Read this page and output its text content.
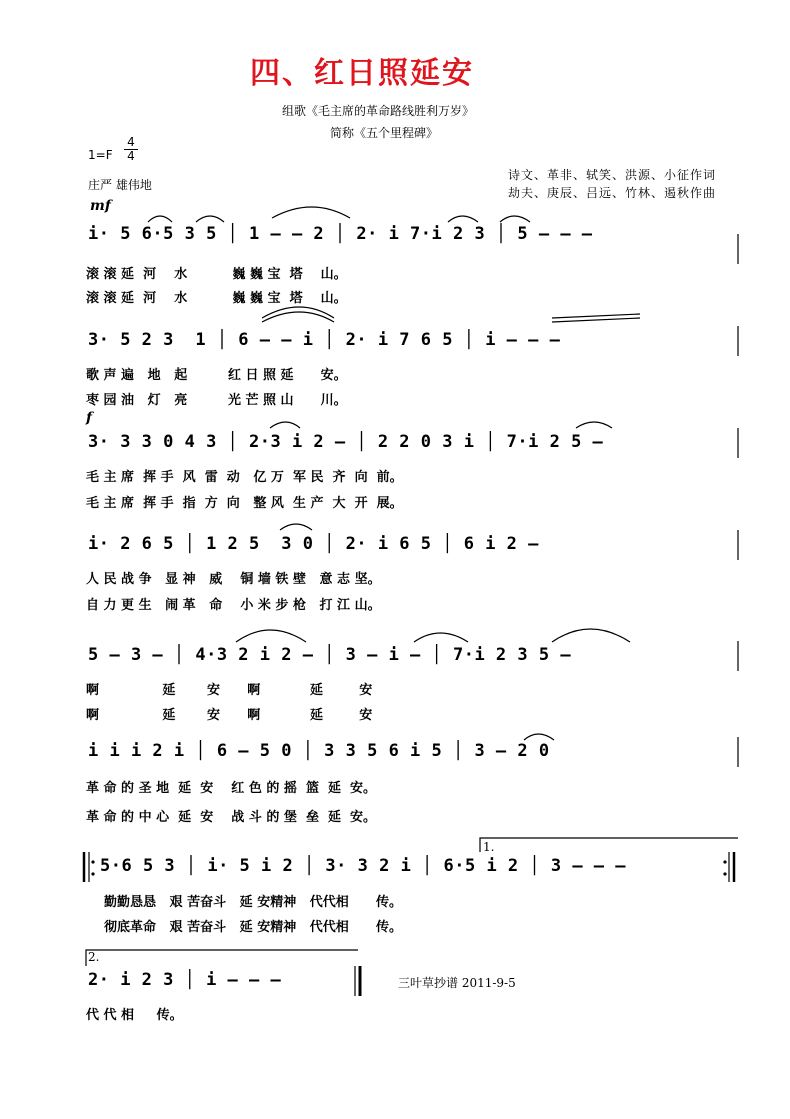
四、红日照延安
组歌《毛主席的革命路线胜利万岁》
简称《五个里程碑》
$1=F \frac{4}{4}$
庄严 雄伟地
诗文、革非、轼笑、洪源、小征作词
劫夫、庚辰、吕远、竹林、遏秋作曲
mf
f
i· 5 6·5 3 5 │ 1 — — 2 │ 2· i 7·i 2 3 │ 5 — — —
滚 滚 延  河    水          巍 巍 宝  塔    山。
滚 滚 延  河    水          巍 巍 宝  塔    山。
3· 5 2 3  1 │ 6 — — i │ 2· i 7 6 5 │ i — — —
歌 声 遍   地   起         红 日 照 延      安。
枣 园 油   灯   亮         光 芒 照 山      川。
3· 3 3 0 4 3 │ 2·3 i 2 — │ 2 2 0 3 i │ 7·i 2 5 —
毛 主 席  挥 手  风  雷  动   亿 万  军 民  齐  向  前。
毛 主 席  挥 手  指  方  向   整 风  生 产  大  开  展。
i· 2 6 5 │ 1 2 5  3 0 │ 2· i 6 5 │ 6 i 2 —
人 民 战 争   显 神   威    铜 墙 铁 壁   意 志 坚。
自 力 更 生   闹 革   命    小 米 步 枪   打 江 山。
5 — 3 — │ 4·3 2 i 2 — │ 3 — i — │ 7·i 2 3 5 —
啊              延       安      啊           延        安
啊              延       安      啊           延        安
i i i 2 i │ 6 — 5 0 │ 3 3 5 6 i 5 │ 3 — 2 0
革 命 的 圣 地  延  安    红 色 的 摇  篮  延  安。
革 命 的 中 心  延  安    战 斗 的 堡  垒  延  安。
5·6 5 3 │ i· 5 i 2 │ 3· 3 2 i │ 6·5 i 2 │ 3 — — —
勤勤恳恳   艰 苦奋斗   延 安精神   代代相      传。
彻底革命   艰 苦奋斗   延 安精神   代代相      传。
1.
2.
2· i 2 3 │ i — — —
代 代 相     传。
三叶草抄谱 2011-9-5
